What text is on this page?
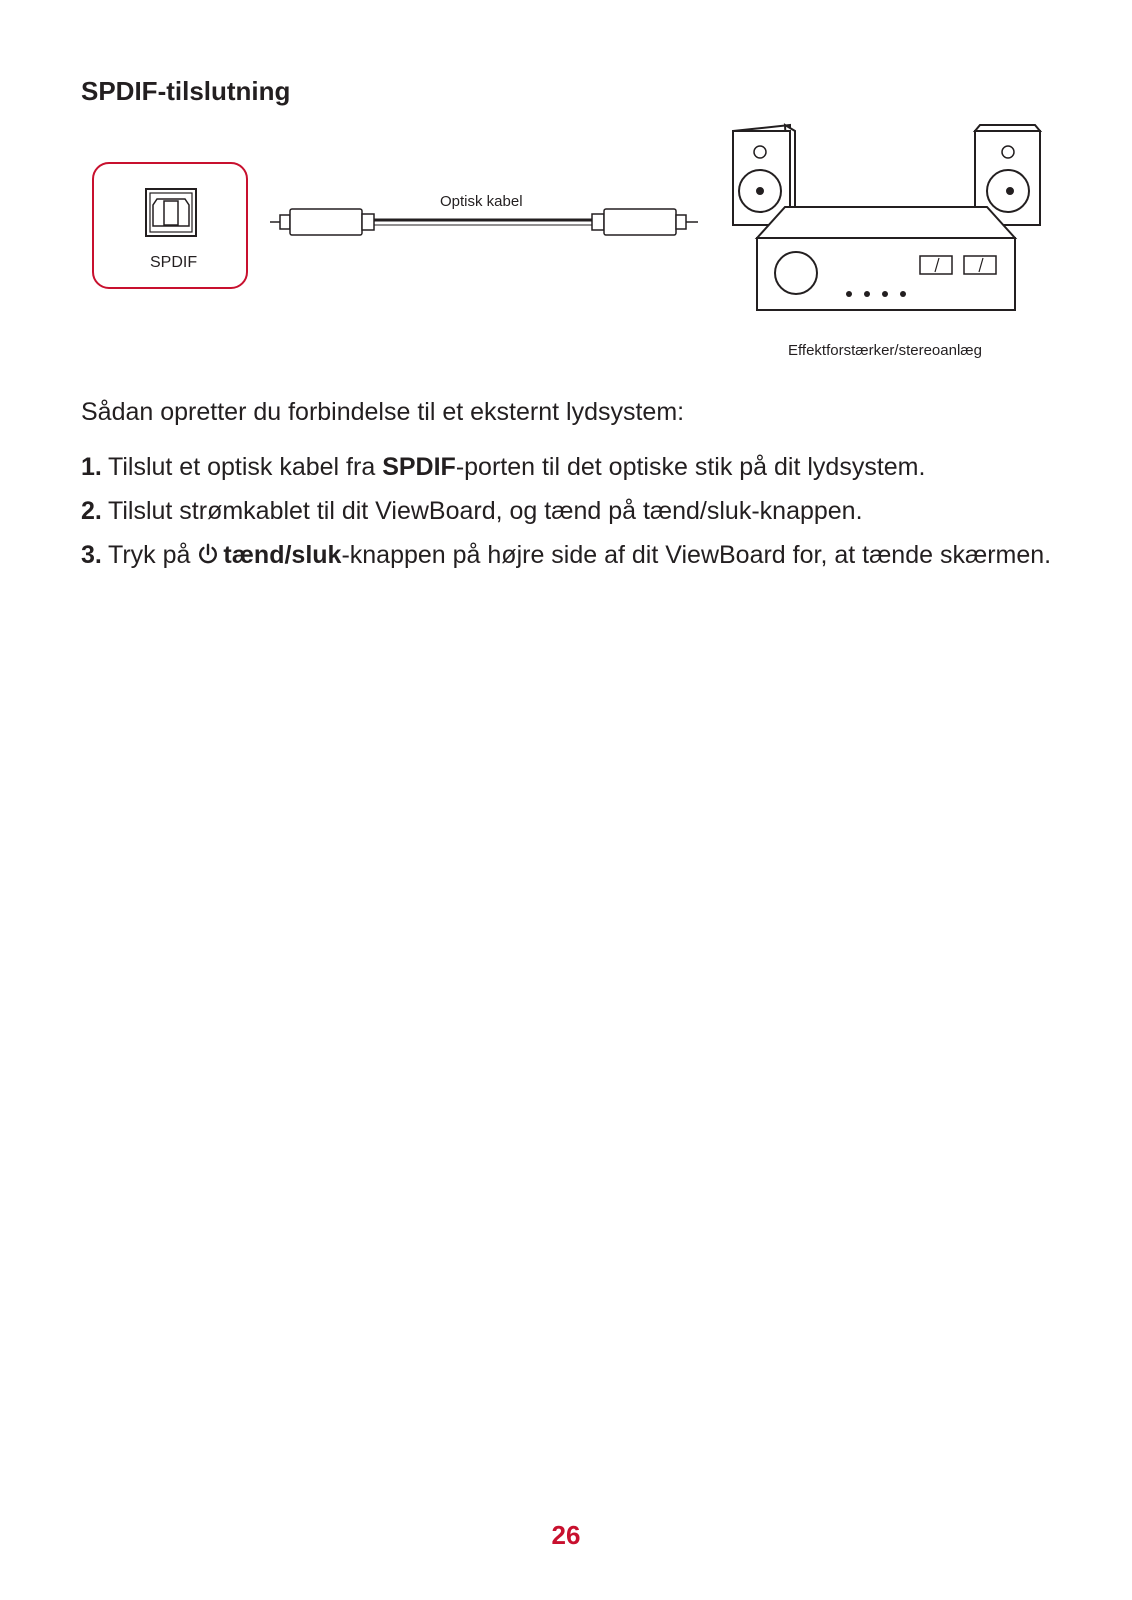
SPDIF-tilslutning
SPDIF
Optisk kabel
Effektforstærker/stereoanlæg

Sådan opretter du forbindelse til et eksternt lydsystem:

1. Tilslut et optisk kabel fra SPDIF-porten til det optiske stik på dit lydsystem.
2. Tilslut strømkablet til dit ViewBoard, og tænd på tænd/sluk-knappen.
3. Tryk på tænd/sluk-knappen på højre side af dit ViewBoard for, at tænde skærmen.
26
